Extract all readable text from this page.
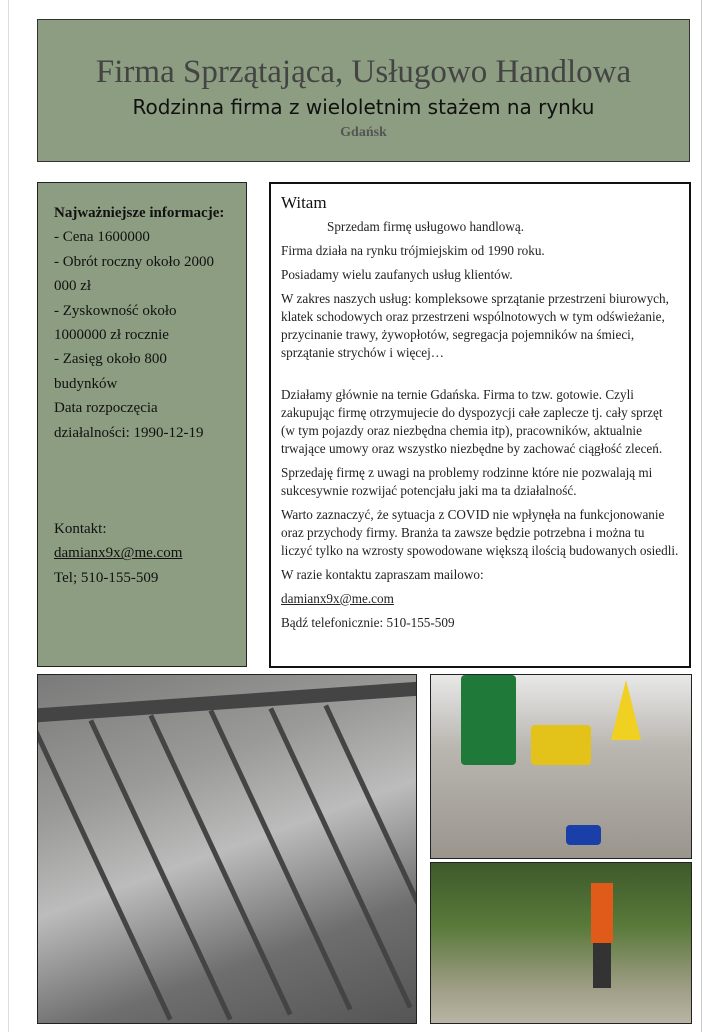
Firma Sprzątająca, Usługowo Handlowa
Rodzinna firma z wieloletnim stażem na rynku
Gdańsk
Najważniejsze informacje:
- Cena 1600000
- Obrót roczny około 2000 000 zł
- Zyskowność około 1000000 zł rocznie
- Zasięg około 800 budynków
Data rozpoczęcia działalności: 1990-12-19
Kontakt:
damianx9x@me.com
Tel; 510-155-509
Witam

Sprzedam firmę usługowo handlową.

Firma działa na rynku trójmiejskim od 1990 roku.

Posiadamy wielu zaufanych usług klientów.

W zakres naszych usług: kompleksowe sprzątanie przestrzeni biurowych, klatek schodowych oraz przestrzeni wspólnotowych w tym odświeżanie, przycinanie trawy, żywopłotów, segregacja pojemników na śmieci, sprzątanie strychów i więcej…

Działamy głównie na ternie Gdańska. Firma to tzw. gotowie. Czyli zakupując firmę otrzymujecie do dyspozycji całe zaplecze tj. cały sprzęt (w tym pojazdy oraz niezbędna chemia itp), pracowników, aktualnie trwające umowy oraz wszystko niezbędne by zachować ciągłość zleceń.

Sprzedaję firmę z uwagi na problemy rodzinne które nie pozwalają mi sukcesywnie rozwijać potencjału jaki ma ta działalność.

Warto zaznaczyć, że sytuacja z COVID nie wpłynęła na funkcjonowanie oraz przychody firmy. Branża ta zawsze będzie potrzebna i można tu liczyć tylko na wzrosty spowodowane większą ilością budowanych osiedli.

W razie kontaktu zapraszam mailowo:

damianx9x@me.com

Bądź telefonicznie: 510-155-509
